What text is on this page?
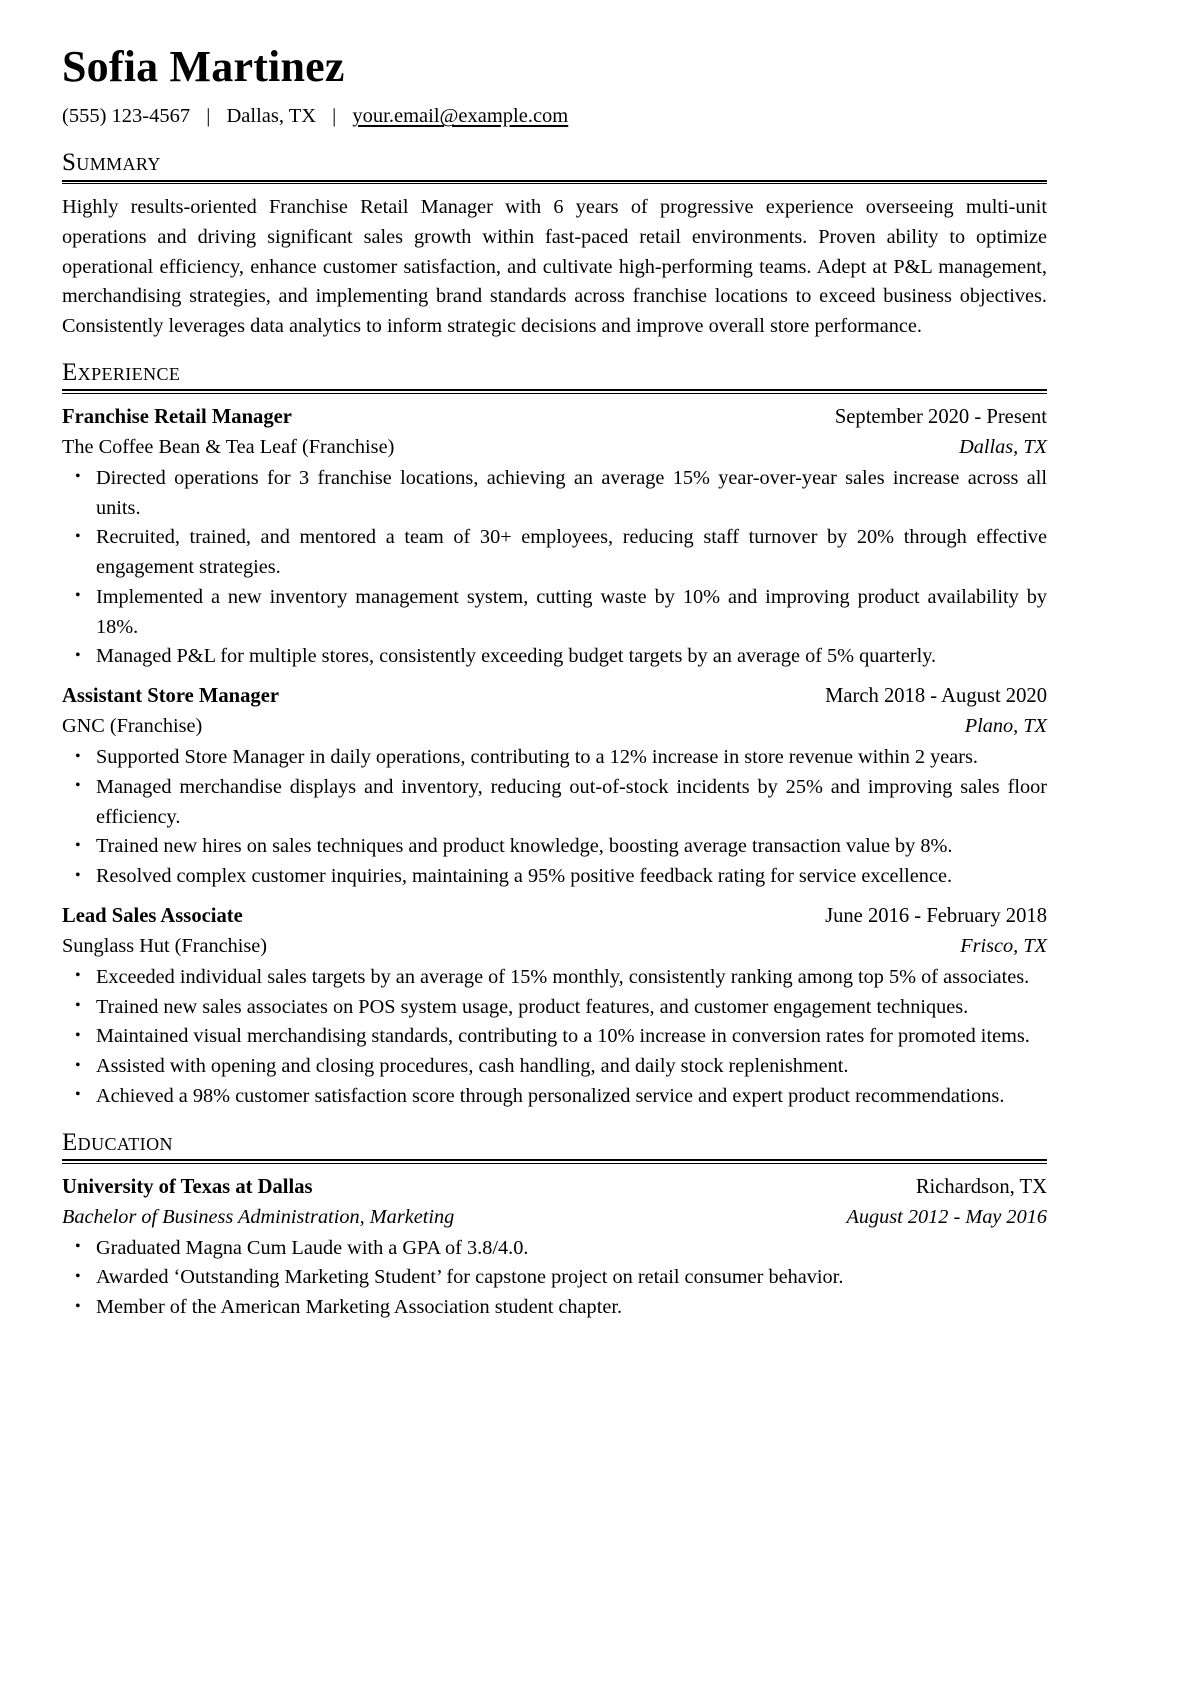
Sofia Martinez
(555) 123-4567 | Dallas, TX | your.email@example.com
Summary

Highly results-oriented Franchise Retail Manager with 6 years of progressive experience overseeing multi-unit operations and driving significant sales growth within fast-paced retail environments. Proven ability to optimize operational efficiency, enhance customer satisfaction, and cultivate high-performing teams. Adept at P&L management, merchandising strategies, and implementing brand standards across franchise locations to exceed business objectives. Consistently leverages data analytics to inform strategic decisions and improve overall store performance.

Experience
Franchise Retail Manager	September 2020 - Present
The Coffee Bean & Tea Leaf (Franchise)	Dallas, TX
• Directed operations for 3 franchise locations, achieving an average 15% year-over-year sales increase across all units.
• Recruited, trained, and mentored a team of 30+ employees, reducing staff turnover by 20% through effective engagement strategies.
• Implemented a new inventory management system, cutting waste by 10% and improving product availability by 18%.
• Managed P&L for multiple stores, consistently exceeding budget targets by an average of 5% quarterly.
Assistant Store Manager	March 2018 - August 2020
GNC (Franchise)	Plano, TX
• Supported Store Manager in daily operations, contributing to a 12% increase in store revenue within 2 years.
• Managed merchandise displays and inventory, reducing out-of-stock incidents by 25% and improving sales floor efficiency.
• Trained new hires on sales techniques and product knowledge, boosting average transaction value by 8%.
• Resolved complex customer inquiries, maintaining a 95% positive feedback rating for service excellence.
Lead Sales Associate	June 2016 - February 2018
Sunglass Hut (Franchise)	Frisco, TX
• Exceeded individual sales targets by an average of 15% monthly, consistently ranking among top 5% of associates.
• Trained new sales associates on POS system usage, product features, and customer engagement techniques.
• Maintained visual merchandising standards, contributing to a 10% increase in conversion rates for promoted items.
• Assisted with opening and closing procedures, cash handling, and daily stock replenishment.
• Achieved a 98% customer satisfaction score through personalized service and expert product recommendations.
Education
University of Texas at Dallas	Richardson, TX
Bachelor of Business Administration, Marketing	August 2012 - May 2016
• Graduated Magna Cum Laude with a GPA of 3.8/4.0.
• Awarded ‘Outstanding Marketing Student’ for capstone project on retail consumer behavior.
• Member of the American Marketing Association student chapter.
